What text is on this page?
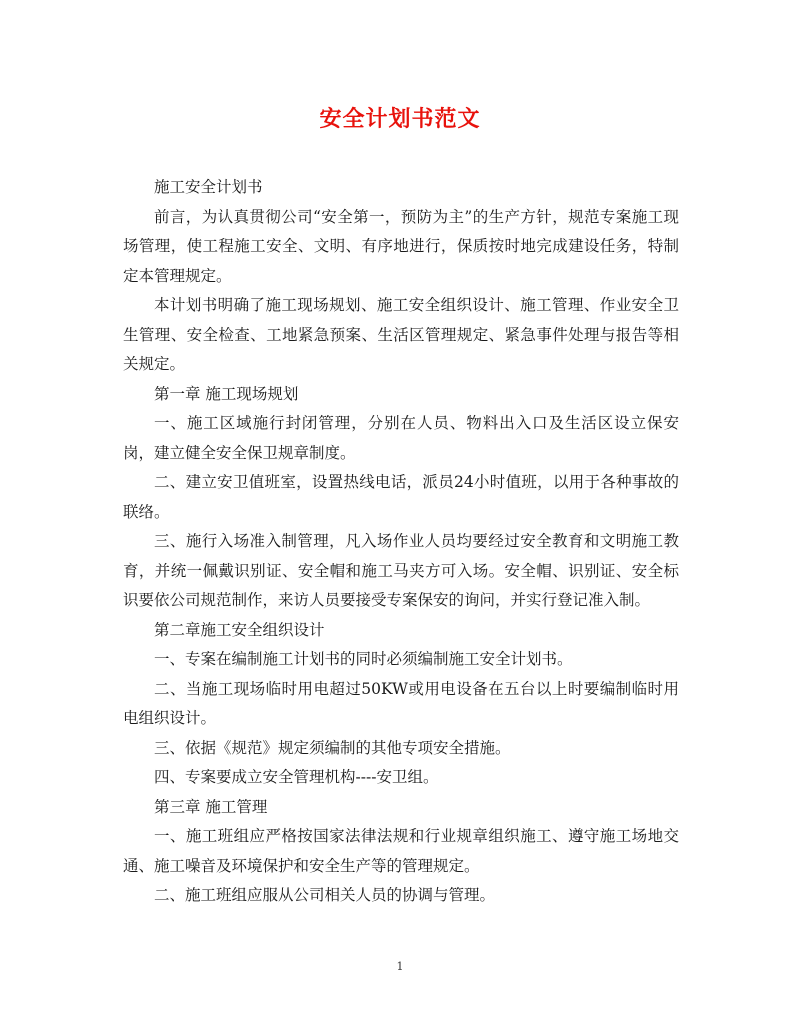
安全计划书范文

施工安全计划书

前言，为认真贯彻公司“安全第一，预防为主”的生产方针，规范专案施工现场管理，使工程施工安全、文明、有序地进行，保质按时地完成建设任务，特制定本管理规定。

本计划书明确了施工现场规划、施工安全组织设计、施工管理、作业安全卫生管理、安全检查、工地紧急预案、生活区管理规定、紧急事件处理与报告等相关规定。

第一章 施工现场规划

一、施工区域施行封闭管理，分别在人员、物料出入口及生活区设立保安岗，建立健全安全保卫规章制度。

二、建立安卫值班室，设置热线电话，派员24小时值班，以用于各种事故的联络。

三、施行入场准入制管理，凡入场作业人员均要经过安全教育和文明施工教育，并统一佩戴识别证、安全帽和施工马夹方可入场。安全帽、识别证、安全标识要依公司规范制作，来访人员要接受专案保安的询问，并实行登记准入制。

第二章施工安全组织设计

一、专案在编制施工计划书的同时必须编制施工安全计划书。

二、当施工现场临时用电超过50KW或用电设备在五台以上时要编制临时用电组织设计。

三、依据《规范》规定须编制的其他专项安全措施。

四、专案要成立安全管理机构----安卫组。

第三章 施工管理

一、施工班组应严格按国家法律法规和行业规章组织施工、遵守施工场地交通、施工噪音及环境保护和安全生产等的管理规定。

二、施工班组应服从公司相关人员的协调与管理。

1
